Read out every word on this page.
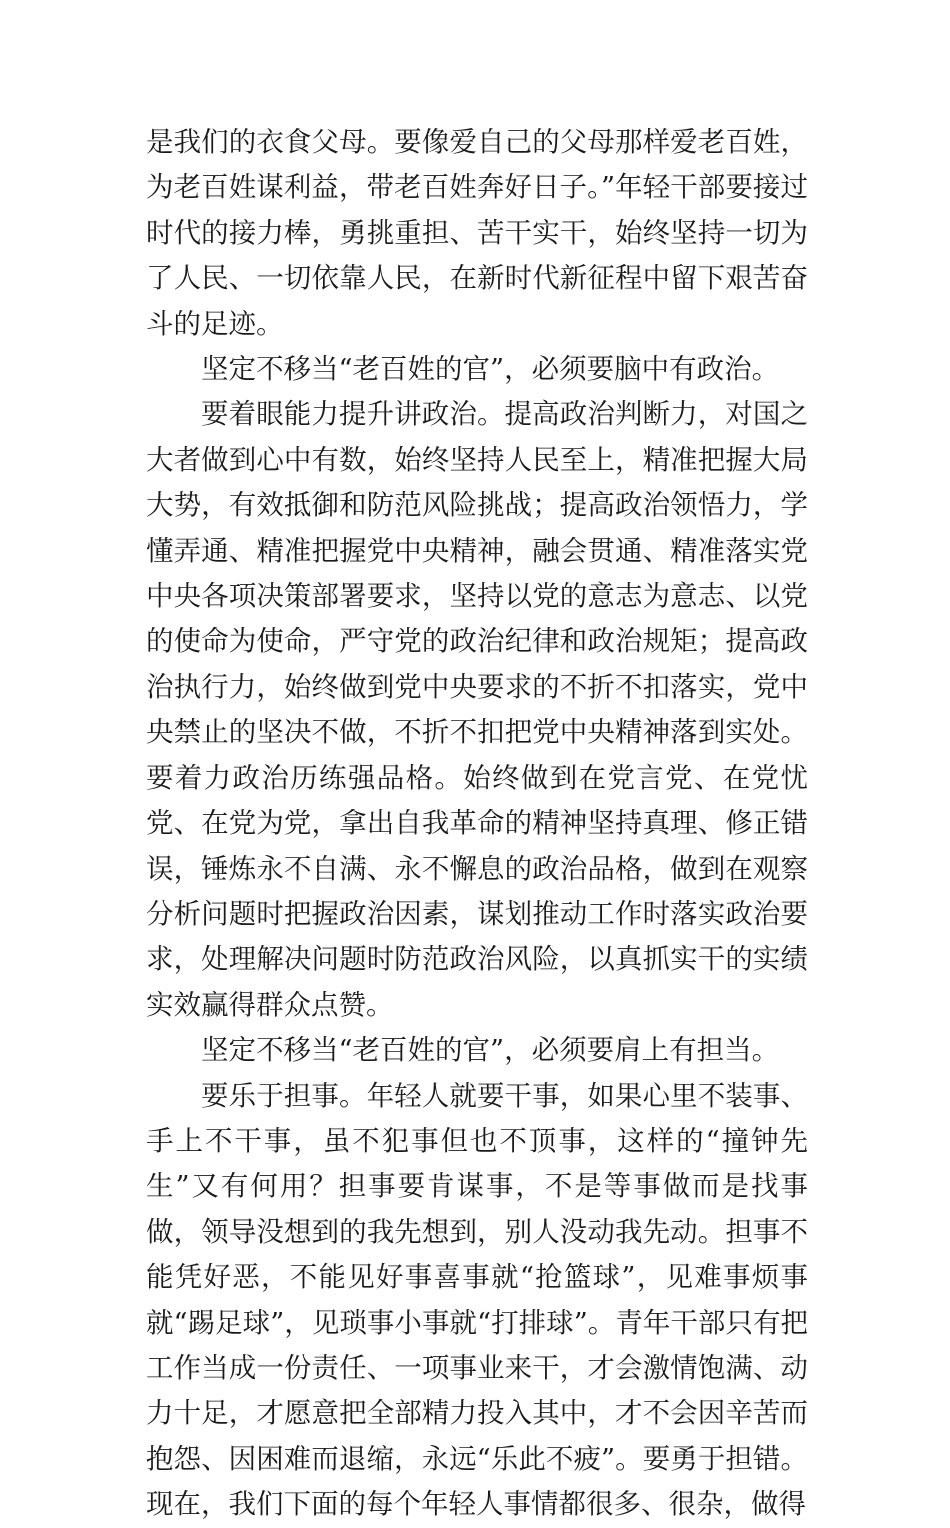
是我们的衣食父母。要像爱自己的父母那样爱老百姓，为老百姓谋利益，带老百姓奔好日子。”年轻干部要接过时代的接力棒，勇挑重担、苦干实干，始终坚持一切为了人民、一切依靠人民，在新时代新征程中留下艰苦奋斗的足迹。

坚定不移当“老百姓的官”，必须要脑中有政治。

要着眼能力提升讲政治。提高政治判断力，对国之大者做到心中有数，始终坚持人民至上，精准把握大局大势，有效抵御和防范风险挑战；提高政治领悟力，学懂弄通、精准把握党中央精神，融会贯通、精准落实党中央各项决策部署要求，坚持以党的意志为意志、以党的使命为使命，严守党的政治纪律和政治规矩；提高政治执行力，始终做到党中央要求的不折不扣落实，党中央禁止的坚决不做，不折不扣把党中央精神落到实处。要着力政治历练强品格。始终做到在党言党、在党忧党、在党为党，拿出自我革命的精神坚持真理、修正错误，锤炼永不自满、永不懈息的政治品格，做到在观察分析问题时把握政治因素，谋划推动工作时落实政治要求，处理解决问题时防范政治风险，以真抓实干的实绩实效赢得群众点赞。

坚定不移当“老百姓的官”，必须要肩上有担当。

要乐于担事。年轻人就要干事，如果心里不装事、手上不干事，虽不犯事但也不顶事，这样的“撞钟先生”又有何用？担事要肯谋事，不是等事做而是找事做，领导没想到的我先想到，别人没动我先动。担事不能凭好恶，不能见好事喜事就“抢篮球”，见难事烦事就“踢足球”，见琐事小事就“打排球”。青年干部只有把工作当成一份责任、一项事业来干，才会激情饱满、动力十足，才愿意把全部精力投入其中，才不会因辛苦而抱怨、因困难而退缩，永远“乐此不疲”。要勇于担错。现在，我们下面的每个年轻人事情都很多、很杂，做得
